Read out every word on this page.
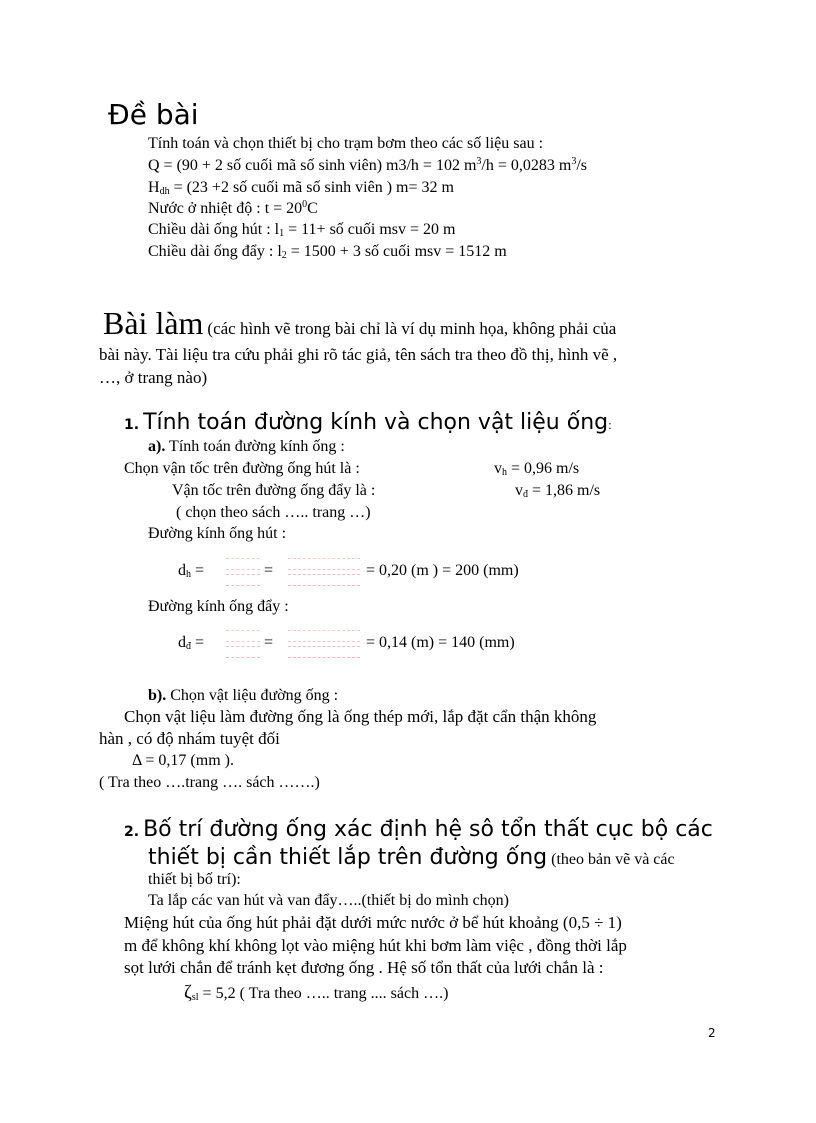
Đề bài
Tính toán và chọn thiết bị cho trạm bơm theo các số liệu sau :
Q = (90 + 2 số cuối mã số sinh viên) m3/h = 102 $m^3/h = 0,0283$ $m^3/s$
$H_{dh} = (23 +2$ số cuối mã số sinh viên ) m= 32 m
Nước ở nhiệt độ : $t = 20^0C$
Chiều dài ống hút : $l_1 = 11+$ số cuối msv = 20 m
Chiều dài ống đẩy : $l_2 = 1500 + 3$ số cuối msv = 1512 m
Bài làm (các hình vẽ trong bài chỉ là ví dụ minh họa, không phải của
bài này. Tài liệu tra cứu phải ghi rõ tác giả, tên sách tra theo đồ thị, hình vẽ ,
…, ở trang nào)
1. Tính toán đường kính và chọn vật liệu ống:
a). Tính toán đường kính ống :
Chọn vận tốc trên đường ống hút là :	$v_h = 0,96$ m/s
Vận tốc trên đường ống đẩy là :	$v_đ = 1,86$ m/s
( chọn theo sách ….. trang …)
Đường kính ống hút :
$d_h$ =	=	= 0,20 (m ) = 200 (mm)
Đường kính ống đẩy :
$d_đ$ =	=	= 0,14 (m) = 140 (mm)
b). Chọn vật liệu đường ống :
Chọn vật liệu làm đường ống là ống thép mới, lắp đặt cẩn thận không
hàn , có độ nhám tuyệt đối
Δ = 0,17 (mm ).
( Tra theo ….trang …. sách …….)
2. Bố trí đường ống xác định hệ sô tổn thất cục bộ các
thiết bị cần thiết lắp trên đường ống (theo bản vẽ và các
thiết bị bố trí):
Ta lắp các van hút và van đẩy…..(thiết bị do mình chọn)
Miệng hút của ống hút phải đặt dưới mức nước ở bể hút khoảng (0,5 ÷ 1)
m để không khí không lọt vào miệng hút khi bơm làm việc , đồng thời lắp
sọt lưới chắn để tránh kẹt đương ống . Hệ số tổn thất của lưới chắn là :
$\zeta_{sl} = 5,2$ ( Tra theo ….. trang .... sách ….)
2
